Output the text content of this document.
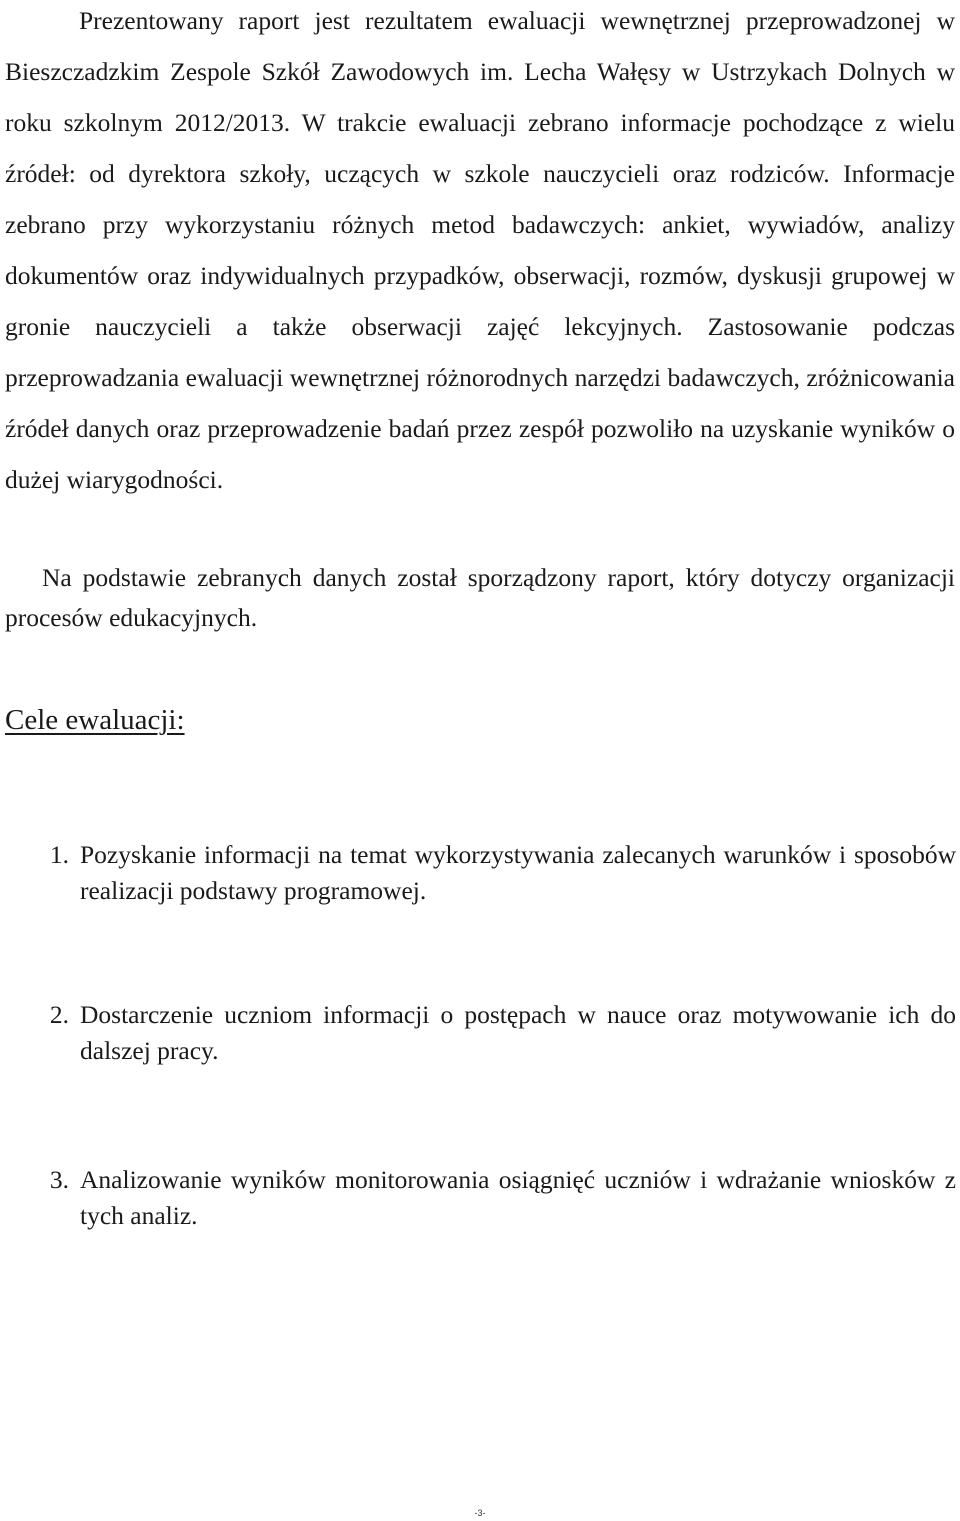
Prezentowany raport jest rezultatem ewaluacji wewnętrznej przeprowadzonej w Bieszczadzkim Zespole Szkół Zawodowych im. Lecha Wałęsy w Ustrzykach Dolnych w roku szkolnym 2012/2013. W trakcie ewaluacji zebrano informacje pochodzące z wielu źródeł: od dyrektora szkoły, uczących w szkole nauczycieli oraz rodziców. Informacje zebrano przy wykorzystaniu różnych metod badawczych: ankiet, wywiadów, analizy dokumentów oraz indywidualnych przypadków, obserwacji, rozmów, dyskusji grupowej w gronie nauczycieli a także obserwacji zajęć lekcyjnych. Zastosowanie podczas przeprowadzania ewaluacji wewnętrznej różnorodnych narzędzi badawczych, zróżnicowania źródeł danych oraz przeprowadzenie badań przez zespół pozwoliło na uzyskanie wyników o dużej wiarygodności.

Na podstawie zebranych danych został sporządzony raport, który dotyczy organizacji procesów edukacyjnych.

Cele ewaluacji:
1. Pozyskanie informacji na temat wykorzystywania zalecanych warunków i sposobów realizacji podstawy programowej.
2. Dostarczenie uczniom informacji o postępach w nauce oraz motywowanie ich do dalszej pracy.
3. Analizowanie wyników monitorowania osiągnięć uczniów i wdrażanie wniosków z tych analiz.
-3-
